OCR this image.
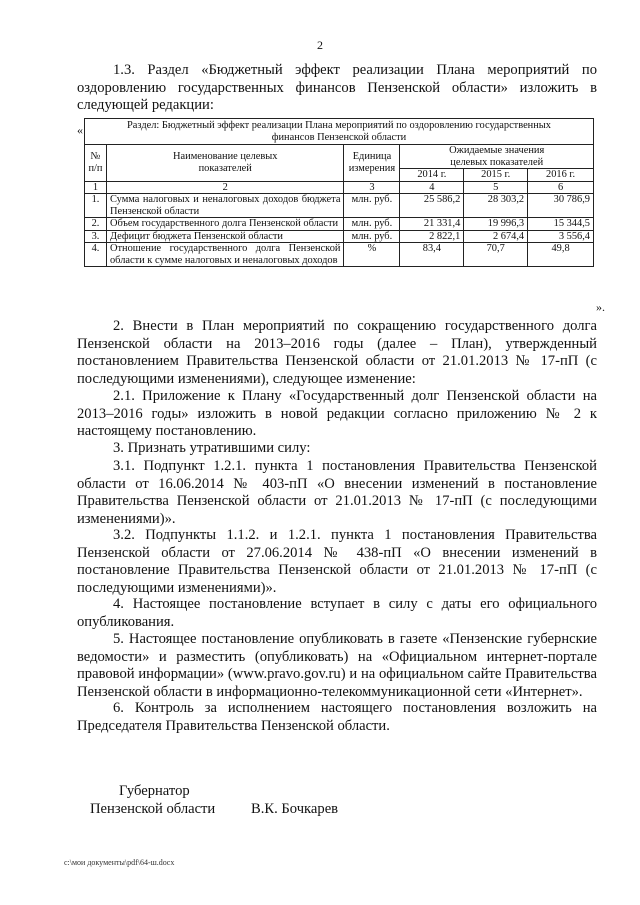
2
1.3. Раздел «Бюджетный эффект реализации Плана мероприятий по оздоровлению государственных финансов Пензенской области» изложить в следующей редакции:
«	Раздел: Бюджетный эффект реализации Плана мероприятий по оздоровлению государственных финансов Пензенской области					
№ п/п	Наименование целевых показателей	Единица измерения	Ожидаемые значения целевых показателей		
			2014 г.	2015 г.	2016 г.
1	2	3	4	5	6
1.	Сумма налоговых и неналоговых доходов бюджета Пензенской области	млн. руб.	25 586,2	28 303,2	30 786,9
2.	Объем государственного долга Пензенской области	млн. руб.	21 331,4	19 996,3	15 344,5
3.	Дефицит бюджета Пензенской области	млн. руб.	2 822,1	2 674,4	3 556,4
4.	Отношение государственного долга Пензенской области к сумме налоговых и неналоговых доходов	%	83,4	70,7	49,8
».
2. Внести в План мероприятий по сокращению государственного долга Пензенской области на 2013–2016 годы (далее – План), утвержденный постановлением Правительства Пензенской области от 21.01.2013 № 17-пП (с последующими изменениями), следующее изменение:
2.1. Приложение к Плану «Государственный долг Пензенской области на 2013–2016 годы» изложить в новой редакции согласно приложению № 2 к настоящему постановлению.
3. Признать утратившими силу:
3.1. Подпункт 1.2.1. пункта 1 постановления Правительства Пензенской области от 16.06.2014 № 403-пП «О внесении изменений в постановление Правительства Пензенской области от 21.01.2013 № 17-пП (с последующими изменениями)».
3.2. Подпункты 1.1.2. и 1.2.1. пункта 1 постановления Правительства Пензенской области от 27.06.2014 № 438-пП «О внесении изменений в постановление Правительства Пензенской области от 21.01.2013 № 17-пП (с последующими изменениями)».
4. Настоящее постановление вступает в силу с даты его официального опубликования.
5. Настоящее постановление опубликовать в газете «Пензенские губернские ведомости» и разместить (опубликовать) на «Официальном интернет-портале правовой информации» (www.pravo.gov.ru) и на официальном сайте Правительства Пензенской области в информационно-телекоммуникационной сети «Интернет».
6. Контроль за исполнением настоящего постановления возложить на Председателя Правительства Пензенской области.
Губернатор
Пензенской области В.К. Бочкарев
c:\мои документы\pdf\64-ш.docx
